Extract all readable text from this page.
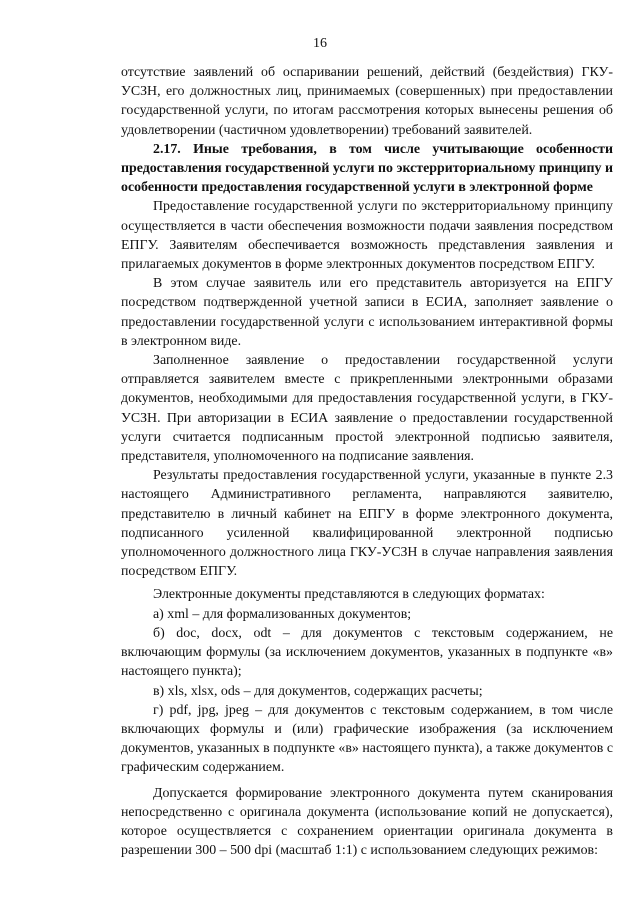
16

отсутствие заявлений об оспаривании решений, действий (бездействия) ГКУ-УСЗН, его должностных лиц, принимаемых (совершенных) при предоставлении государственной услуги, по итогам рассмотрения которых вынесены решения об удовлетворении (частичном удовлетворении) требований заявителей.

2.17. Иные требования, в том числе учитывающие особенности предоставления государственной услуги по экстерриториальному принципу и особенности предоставления государственной услуги в электронной форме

Предоставление государственной услуги по экстерриториальному принципу осуществляется в части обеспечения возможности подачи заявления посредством ЕПГУ. Заявителям обеспечивается возможность представления заявления и прилагаемых документов в форме электронных документов посредством ЕПГУ.

В этом случае заявитель или его представитель авторизуется на ЕПГУ посредством подтвержденной учетной записи в ЕСИА, заполняет заявление о предоставлении государственной услуги с использованием интерактивной формы в электронном виде.

Заполненное заявление о предоставлении государственной услуги отправляется заявителем вместе с прикрепленными электронными образами документов, необходимыми для предоставления государственной услуги, в ГКУ-УСЗН. При авторизации в ЕСИА заявление о предоставлении государственной услуги считается подписанным простой электронной подписью заявителя, представителя, уполномоченного на подписание заявления.

Результаты предоставления государственной услуги, указанные в пункте 2.3 настоящего Административного регламента, направляются заявителю, представителю в личный кабинет на ЕПГУ в форме электронного документа, подписанного усиленной квалифицированной электронной подписью уполномоченного должностного лица ГКУ-УСЗН в случае направления заявления посредством ЕПГУ.

Электронные документы представляются в следующих форматах:

а) xml – для формализованных документов;

б) doc, docx, odt – для документов с текстовым содержанием, не включающим формулы (за исключением документов, указанных в подпункте «в» настоящего пункта);

в) xls, xlsx, ods – для документов, содержащих расчеты;

г) pdf, jpg, jpeg – для документов с текстовым содержанием, в том числе включающих формулы и (или) графические изображения (за исключением документов, указанных в подпункте «в» настоящего пункта), а также документов с графическим содержанием.

Допускается формирование электронного документа путем сканирования непосредственно с оригинала документа (использование копий не допускается), которое осуществляется с сохранением ориентации оригинала документа в разрешении 300 – 500 dpi (масштаб 1:1) с использованием следующих режимов:
